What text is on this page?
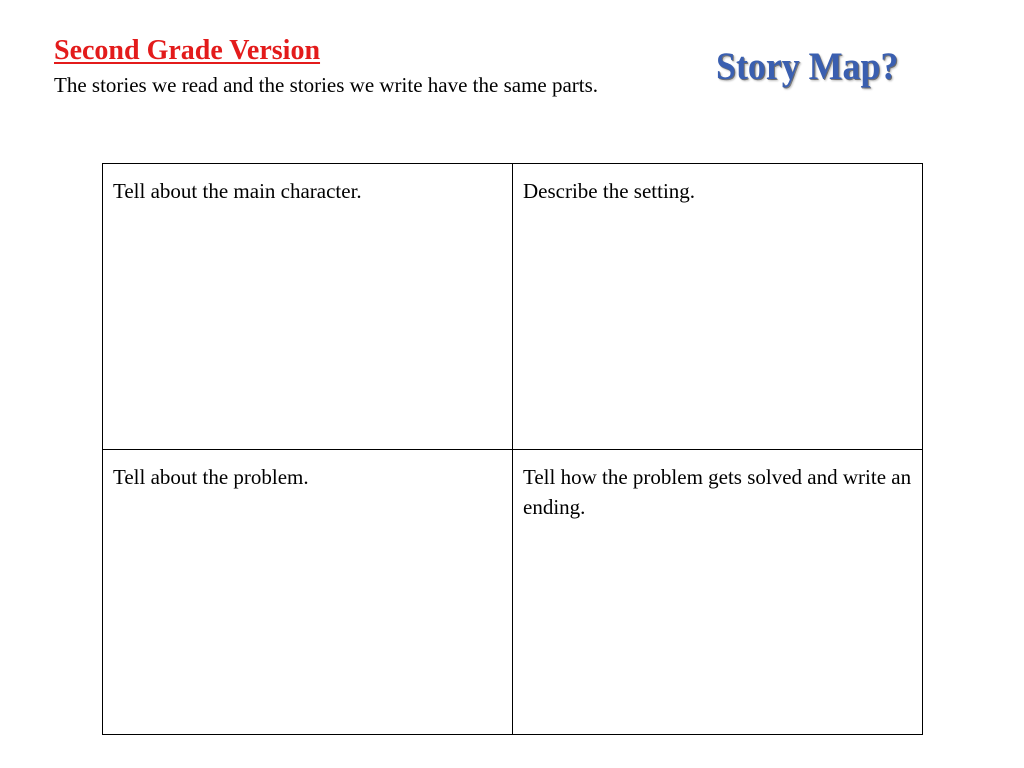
Second Grade Version

The stories we read and the stories we write have the same parts.	Story Map?
Tell about the main character.	Describe the setting.
Tell about the problem.	Tell how the problem gets solved and write an ending.
